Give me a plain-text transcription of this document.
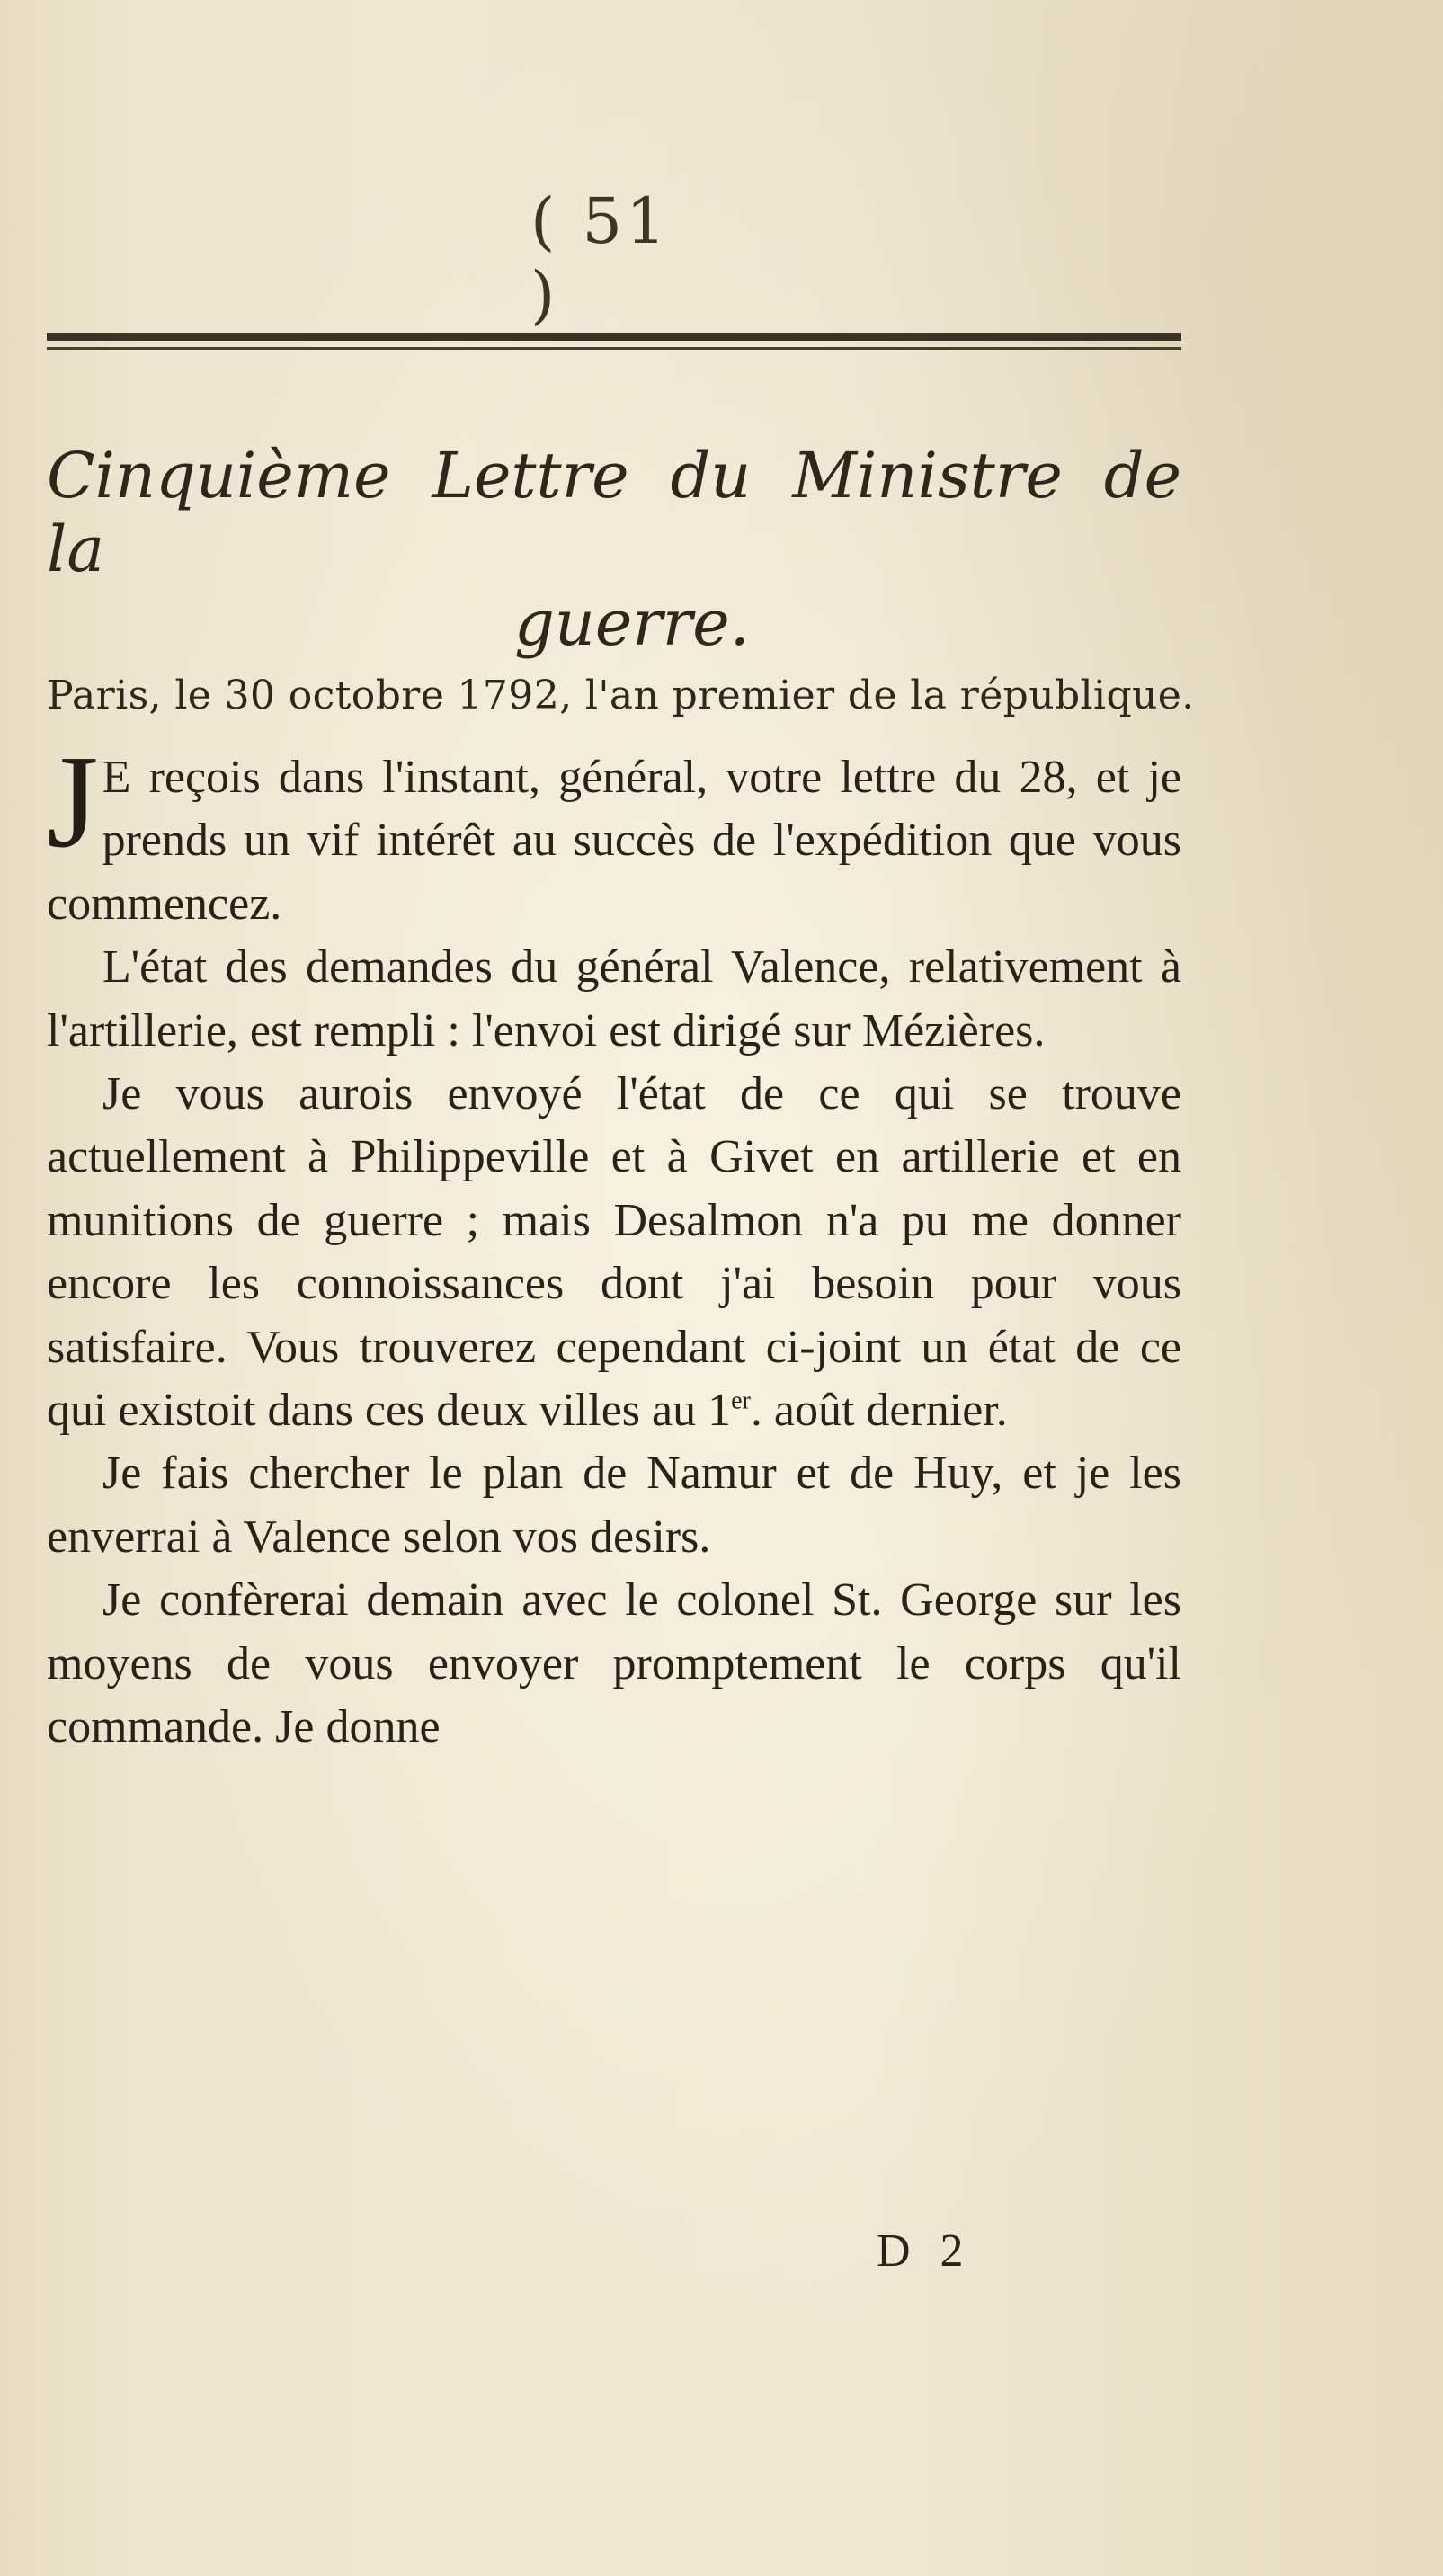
( 51 )
Cinquième Lettre du Ministre de la
guerre.
Paris, le 30 octobre 1792, l'an premier de la république.

J E reçois dans l'instant, général, votre lettre du 28, et je prends un vif intérêt au succès de l'expédition que vous commencez.

L'état des demandes du général Valence, relativement à l'artillerie, est rempli : l'envoi est dirigé sur Mézières.

Je vous aurois envoyé l'état de ce qui se trouve actuellement à Philippeville et à Givet en artillerie et en munitions de guerre ; mais Desalmon n'a pu me donner encore les connoissances dont j'ai besoin pour vous satisfaire. Vous trouverez cependant ci-joint un état de ce qui existoit dans ces deux villes au 1er. août dernier.

Je fais chercher le plan de Namur et de Huy, et je les enverrai à Valence selon vos desirs.

Je confèrerai demain avec le colonel St. George sur les moyens de vous envoyer promptement le corps qu'il commande. Je donne

D 2
